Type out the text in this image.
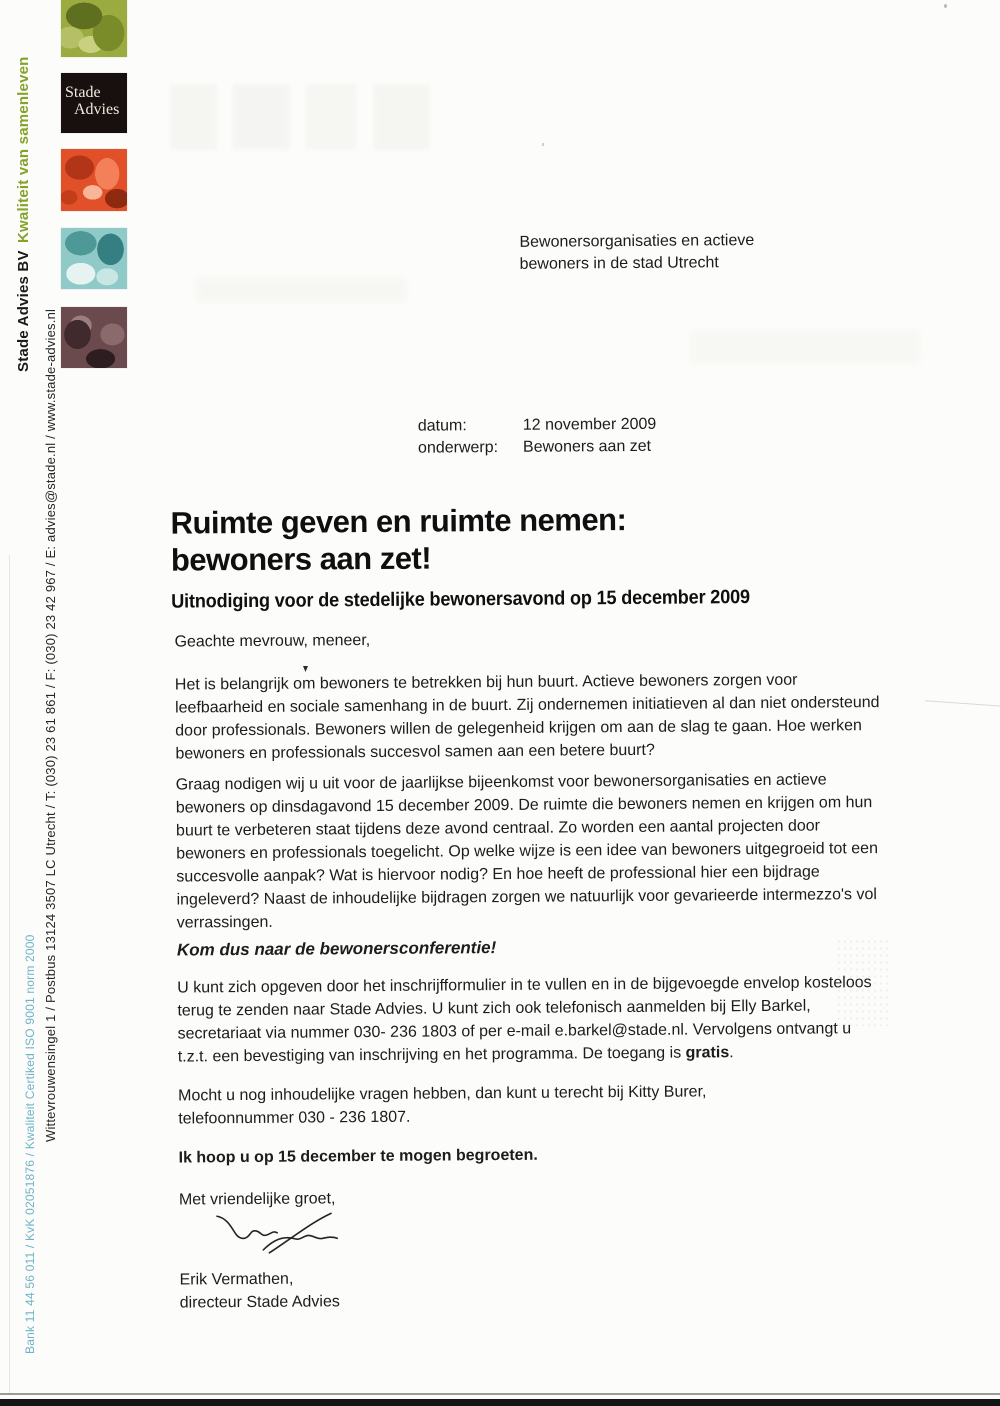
Stade
Advies
Stade Advies BVKwaliteit van samenleven
Wittevrouwensingel 1 / Postbus 13124 3507 LC Utrecht / T: (030) 23 61 861 / F: (030) 23 42 967 / E: advies@stade.nl / www.stade-advies.nl
Bank 11 44 56 011 / KvK 02051876 / Kwaliteit Certiked ISO 9001 norm 2000
Bewonersorganisaties en actieve
bewoners in de stad Utrecht
datum:	12 november 2009
onderwerp:	Bewoners aan zet
Ruimte geven en ruimte nemen:
bewoners aan zet!
Uitnodiging voor de stedelijke bewonersavond op 15 december 2009
Geachte mevrouw, meneer,
Het is belangrijk om bewoners te betrekken bij hun buurt. Actieve bewoners zorgen voor
leefbaarheid en sociale samenhang in de buurt. Zij ondernemen initiatieven al dan niet ondersteund
door professionals. Bewoners willen de gelegenheid krijgen om aan de slag te gaan. Hoe werken
bewoners en professionals succesvol samen aan een betere buurt?
Graag nodigen wij u uit voor de jaarlijkse bijeenkomst voor bewonersorganisaties en actieve
bewoners op dinsdagavond 15 december 2009. De ruimte die bewoners nemen en krijgen om hun
buurt te verbeteren staat tijdens deze avond centraal. Zo worden een aantal projecten door
bewoners en professionals toegelicht. Op welke wijze is een idee van bewoners uitgegroeid tot een
succesvolle aanpak? Wat is hiervoor nodig? En hoe heeft de professional hier een bijdrage
ingeleverd? Naast de inhoudelijke bijdragen zorgen we natuurlijk voor gevarieerde intermezzo's vol
verrassingen.
Kom dus naar de bewonersconferentie!
U kunt zich opgeven door het inschrijfformulier in te vullen en in de bijgevoegde envelop kosteloos
terug te zenden naar Stade Advies. U kunt zich ook telefonisch aanmelden bij Elly Barkel,
secretariaat via nummer 030- 236 1803 of per e-mail e.barkel@stade.nl. Vervolgens ontvangt u
t.z.t. een bevestiging van inschrijving en het programma. De toegang is gratis.
Mocht u nog inhoudelijke vragen hebben, dan kunt u terecht bij Kitty Burer,
telefoonnummer 030 - 236 1807.
Ik hoop u op 15 december te mogen begroeten.
Met vriendelijke groet,
Erik Vermathen,
directeur Stade Advies
